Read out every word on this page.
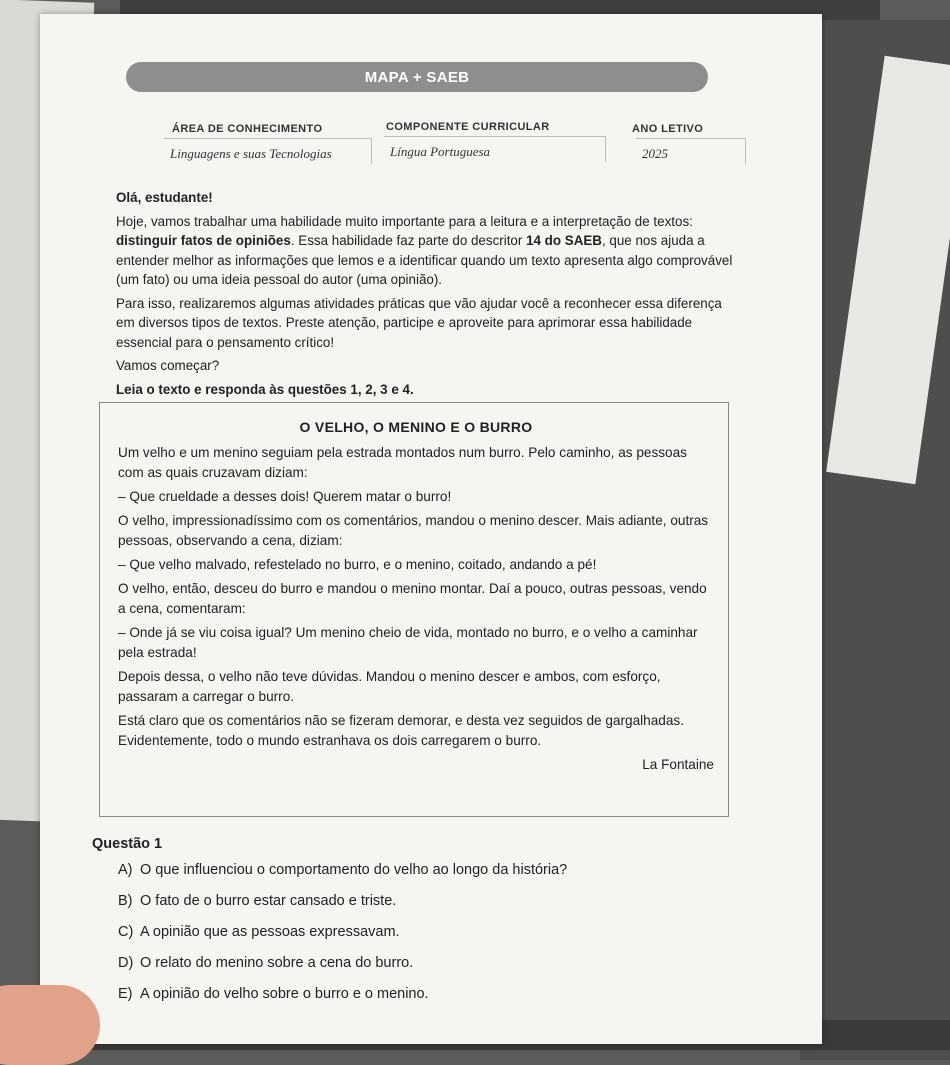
MAPA + SAEB
ÁREA DE CONHECIMENTO
Linguagens e suas Tecnologias
COMPONENTE CURRICULAR
Língua Portuguesa
ANO LETIVO
2025

Olá, estudante!

Hoje, vamos trabalhar uma habilidade muito importante para a leitura e a interpretação de textos: distinguir fatos de opiniões. Essa habilidade faz parte do descritor 14 do SAEB, que nos ajuda a entender melhor as informações que lemos e a identificar quando um texto apresenta algo comprovável (um fato) ou uma ideia pessoal do autor (uma opinião).

Para isso, realizaremos algumas atividades práticas que vão ajudar você a reconhecer essa diferença em diversos tipos de textos. Preste atenção, participe e aproveite para aprimorar essa habilidade essencial para o pensamento crítico!

Vamos começar?

Leia o texto e responda às questões 1, 2, 3 e 4.

O VELHO, O MENINO E O BURRO

Um velho e um menino seguiam pela estrada montados num burro. Pelo caminho, as pessoas com as quais cruzavam diziam:

– Que crueldade a desses dois! Querem matar o burro!

O velho, impressionadíssimo com os comentários, mandou o menino descer. Mais adiante, outras pessoas, observando a cena, diziam:

– Que velho malvado, refestelado no burro, e o menino, coitado, andando a pé!

O velho, então, desceu do burro e mandou o menino montar. Daí a pouco, outras pessoas, vendo a cena, comentaram:

– Onde já se viu coisa igual? Um menino cheio de vida, montado no burro, e o velho a caminhar pela estrada!

Depois dessa, o velho não teve dúvidas. Mandou o menino descer e ambos, com esforço, passaram a carregar o burro.

Está claro que os comentários não se fizeram demorar, e desta vez seguidos de gargalhadas. Evidentemente, todo o mundo estranhava os dois carregarem o burro.

La Fontaine
Questão 1
A) O que influenciou o comportamento do velho ao longo da história?
B) O fato de o burro estar cansado e triste.
C) A opinião que as pessoas expressavam.
D) O relato do menino sobre a cena do burro.
E) A opinião do velho sobre o burro e o menino.
